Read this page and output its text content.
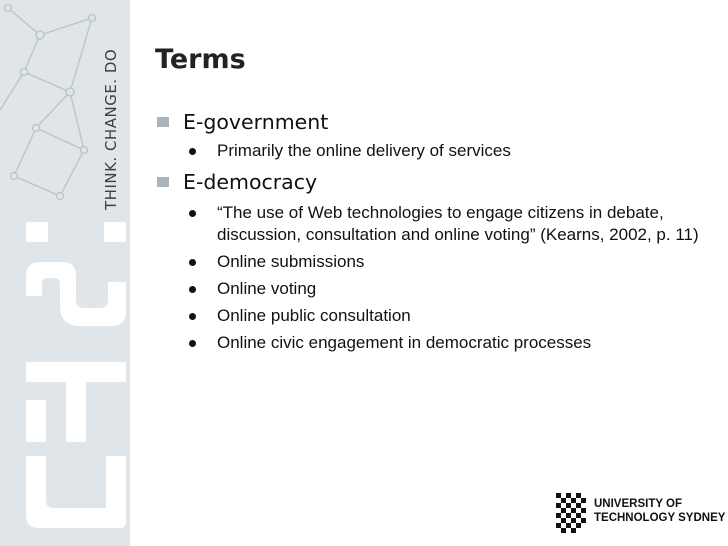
THINK. CHANGE. DO Terms
E-government
Primarily the online delivery of services
E-democracy
“The use of Web technologies to engage citizens in debate, discussion, consultation and online voting” (Kearns, 2002, p. 11)
Online submissions
Online voting
Online public consultation
Online civic engagement in democratic processes
UNIVERSITY OF
TECHNOLOGY SYDNEY
